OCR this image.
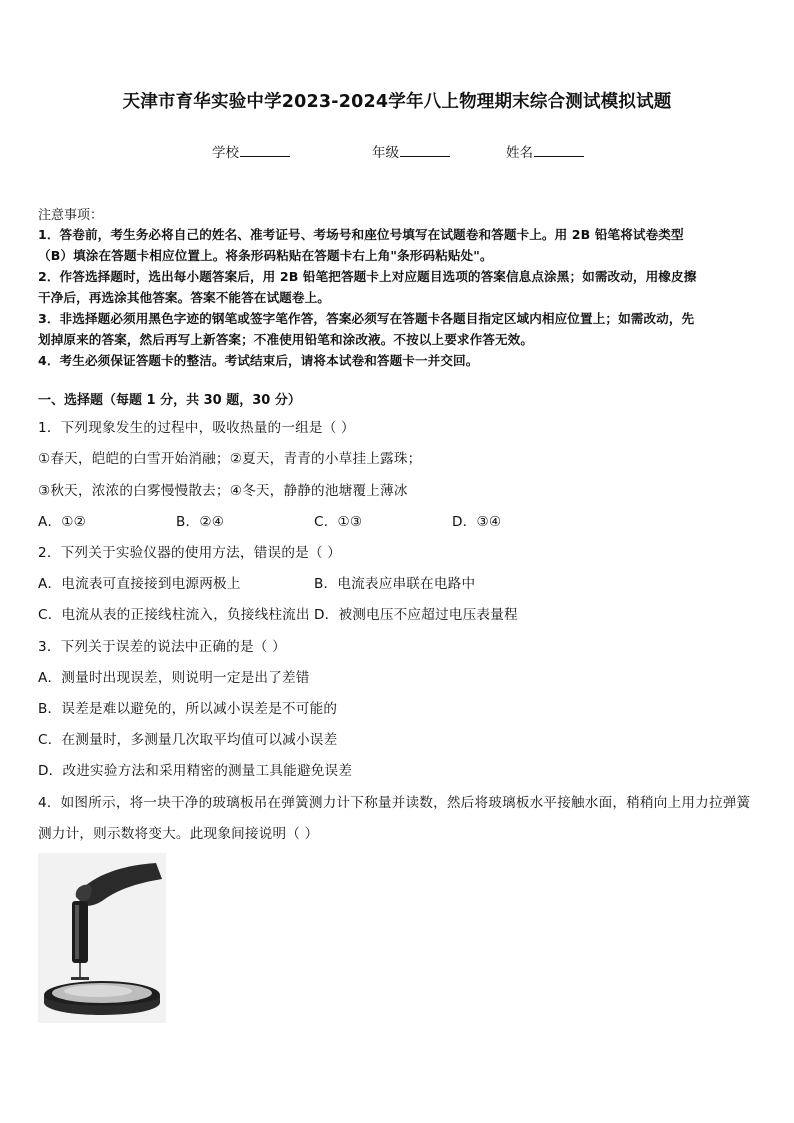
天津市育华实验中学2023-2024学年八上物理期末综合测试模拟试题
学校	年级	姓名
注意事项：
1．答卷前，考生务必将自己的姓名、准考证号、考场号和座位号填写在试题卷和答题卡上。用 2B 铅笔将试卷类型
（B）填涂在答题卡相应位置上。将条形码粘贴在答题卡右上角"条形码粘贴处"。
2．作答选择题时，选出每小题答案后，用 2B 铅笔把答题卡上对应题目选项的答案信息点涂黑；如需改动，用橡皮擦
干净后，再选涂其他答案。答案不能答在试题卷上。
3．非选择题必须用黑色字迹的钢笔或签字笔作答，答案必须写在答题卡各题目指定区域内相应位置上；如需改动，先
划掉原来的答案，然后再写上新答案；不准使用铅笔和涂改液。不按以上要求作答无效。
4．考生必须保证答题卡的整洁。考试结束后，请将本试卷和答题卡一并交回。
一、选择题（每题 1 分，共 30 题，30 分）
1．下列现象发生的过程中，吸收热量的一组是（ ）
①春天，皑皑的白雪开始消融；②夏天，青青的小草挂上露珠；
③秋天，浓浓的白雾慢慢散去；④冬天，静静的池塘覆上薄冰
A．①②	B．②④	C．①③	D．③④
2．下列关于实验仪器的使用方法，错误的是（ ）
A．电流表可直接接到电源两极上	B．电流表应串联在电路中
C．电流从表的正接线柱流入，负接线柱流出 D．被测电压不应超过电压表量程
3．下列关于误差的说法中正确的是（ ）
A．测量时出现误差，则说明一定是出了差错
B．误差是难以避免的，所以减小误差是不可能的
C．在测量时，多测量几次取平均值可以减小误差
D．改进实验方法和采用精密的测量工具能避免误差
4．如图所示，将一块干净的玻璃板吊在弹簧测力计下称量并读数，然后将玻璃板水平接触水面，稍稍向上用力拉弹簧
测力计，则示数将变大。此现象间接说明（ ）
